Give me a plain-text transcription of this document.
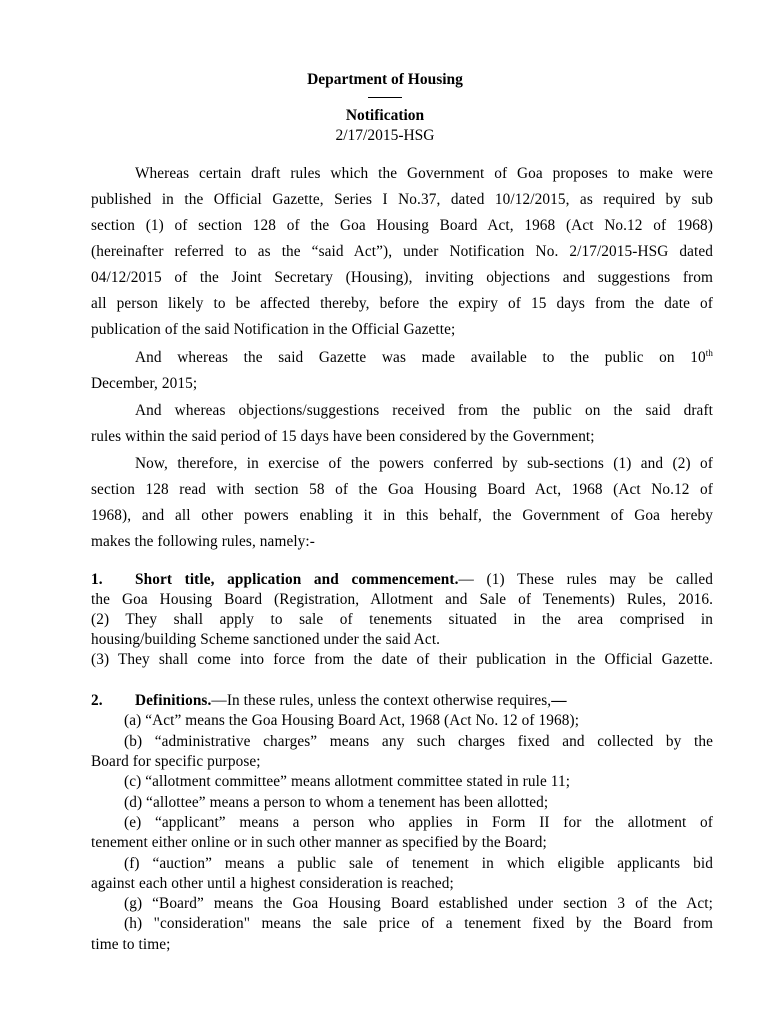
Department of Housing
Notification
2/17/2015-HSG
Whereas certain draft rules which the Government of Goa proposes to make were
published in the Official Gazette, Series I No.37, dated 10/12/2015, as required by sub
section (1) of section 128 of the Goa Housing Board Act, 1968 (Act No.12 of 1968)
(hereinafter referred to as the “said Act”), under Notification No. 2/17/2015-HSG dated
04/12/2015 of the Joint Secretary (Housing), inviting objections and suggestions from
all person likely to be affected thereby, before the expiry of 15 days from the date of
publication of the said Notification in the Official Gazette;
And whereas the said Gazette was made available to the public on 10th
December, 2015;
And whereas objections/suggestions received from the public on the said draft
rules within the said period of 15 days have been considered by the Government;
Now, therefore, in exercise of the powers conferred by sub-sections (1) and (2) of
section 128 read with section 58 of the Goa Housing Board Act, 1968 (Act No.12 of
1968), and all other powers enabling it in this behalf, the Government of Goa hereby
makes the following rules, namely:-
1. Short title, application and commencement.— (1) These rules may be called
the Goa Housing Board (Registration, Allotment and Sale of Tenements) Rules, 2016.
(2) They shall apply to sale of tenements situated in the area comprised in
housing/building Scheme sanctioned under the said Act.
(3) They shall come into force from the date of their publication in the Official Gazette.
2. Definitions.—In these rules, unless the context otherwise requires,—
(a) “Act” means the Goa Housing Board Act, 1968 (Act No. 12 of 1968);
(b) “administrative charges” means any such charges fixed and collected by the
Board for specific purpose;
(c) “allotment committee” means allotment committee stated in rule 11;
(d) “allottee” means a person to whom a tenement has been allotted;
(e) “applicant” means a person who applies in Form II for the allotment of
tenement either online or in such other manner as specified by the Board;
(f) “auction” means a public sale of tenement in which eligible applicants bid
against each other until a highest consideration is reached;
(g) “Board” means the Goa Housing Board established under section 3 of the Act;
(h) "consideration" means the sale price of a tenement fixed by the Board from
time to time;
